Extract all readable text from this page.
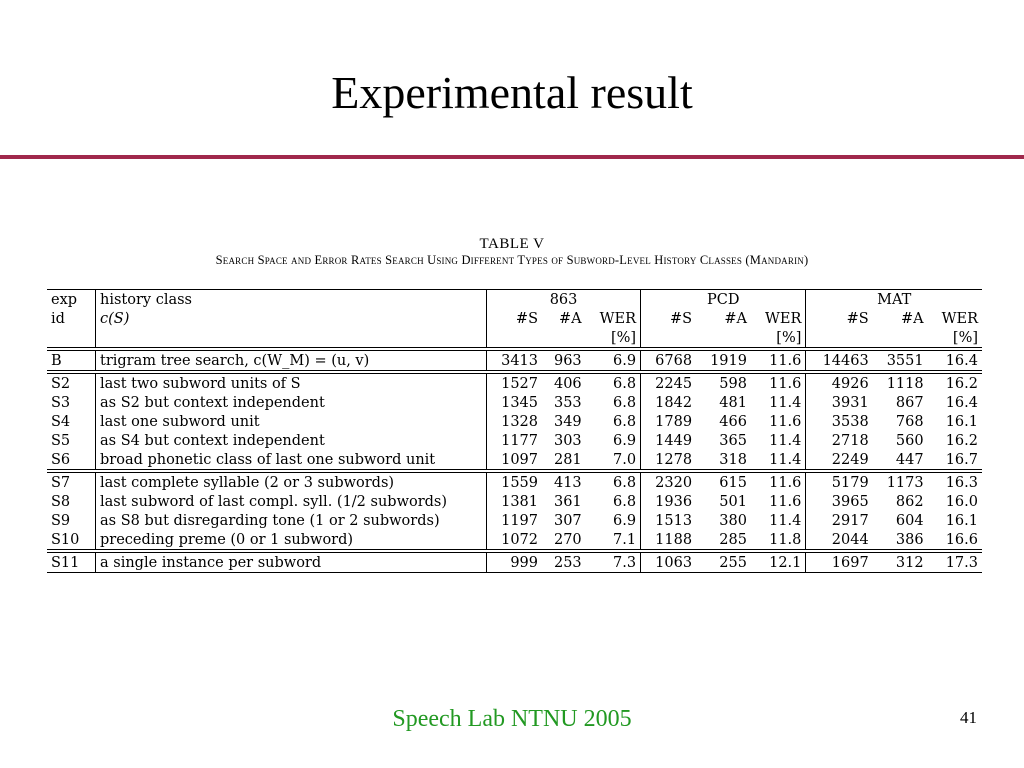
Experimental result
TABLE V
Search Space and Error Rates Search Using Different Types of Subword-Level History Classes (Mandarin)
exp	history class	863			PCD			MAT		
id	c(S)	#S	#A	WER	#S	#A	WER	#S	#A	WER
				[%]			[%]			[%]
B	trigram tree search, c(W_M) = (u, v)	3413	963	6.9	6768	1919	11.6	14463	3551	16.4
S2	last two subword units of S	1527	406	6.8	2245	598	11.6	4926	1118	16.2
S3	as S2 but context independent	1345	353	6.8	1842	481	11.4	3931	867	16.4
S4	last one subword unit	1328	349	6.8	1789	466	11.6	3538	768	16.1
S5	as S4 but context independent	1177	303	6.9	1449	365	11.4	2718	560	16.2
S6	broad phonetic class of last one subword unit	1097	281	7.0	1278	318	11.4	2249	447	16.7
S7	last complete syllable (2 or 3 subwords)	1559	413	6.8	2320	615	11.6	5179	1173	16.3
S8	last subword of last compl. syll. (1/2 subwords)	1381	361	6.8	1936	501	11.6	3965	862	16.0
S9	as S8 but disregarding tone (1 or 2 subwords)	1197	307	6.9	1513	380	11.4	2917	604	16.1
S10	preceding preme (0 or 1 subword)	1072	270	7.1	1188	285	11.8	2044	386	16.6
S11	a single instance per subword	999	253	7.3	1063	255	12.1	1697	312	17.3
Speech Lab NTNU 2005	41
